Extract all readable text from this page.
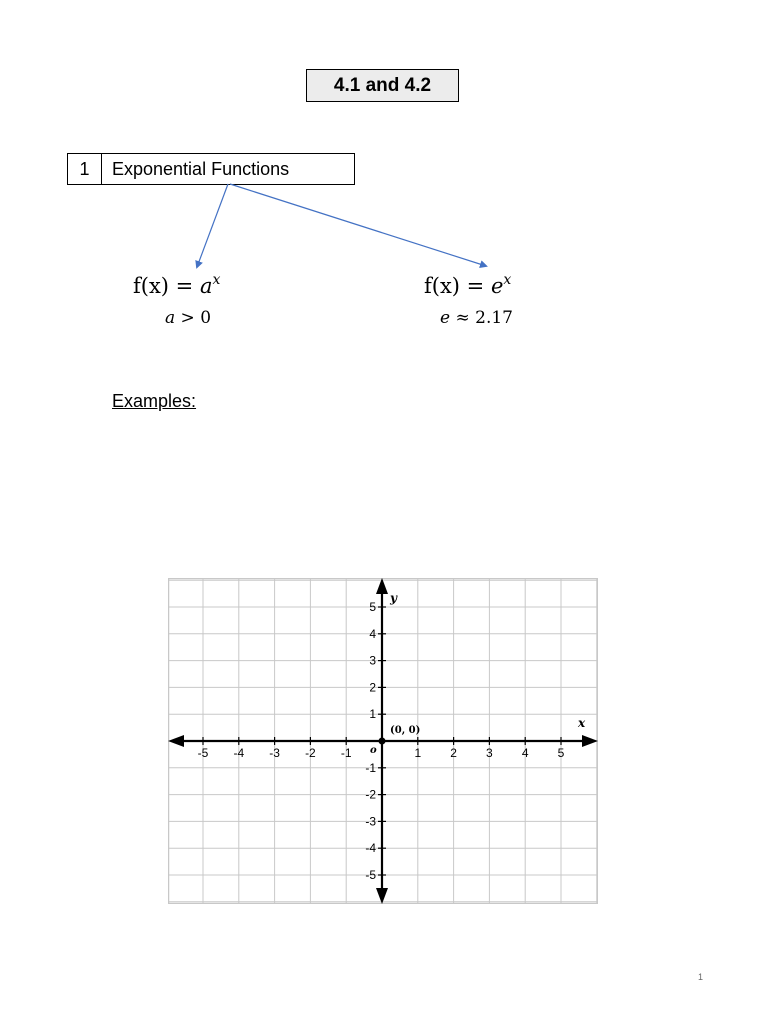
4.1 and 4.2
1	Exponential Functions
$f(x) = a^x$
a > 0
$f(x) = e^x$
e ≈ 2.17
Examples:
-5 -4 -3 -2 -1	1 2 3 4 5
5
4
3
2
1
-1
-2
-3
-4
-5
o
(0, 0)
x
y
1
